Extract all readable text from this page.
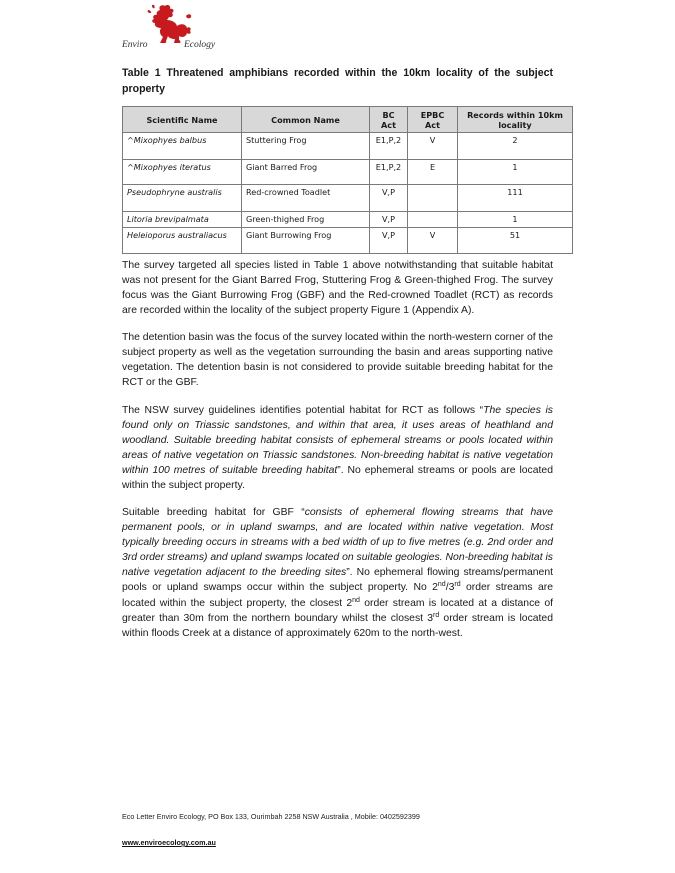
Enviro	Ecology
Table 1 Threatened amphibians recorded within the 10km locality of the subject property
Scientific Name	Common Name	BC Act	EPBC Act	Records within 10km locality
^Mixophyes balbus	Stuttering Frog	E1,P,2	V	2
^Mixophyes iteratus	Giant Barred Frog	E1,P,2	E	1
Pseudophryne australis	Red-crowned Toadlet	V,P		111
Litoria brevipalmata	Green-thighed Frog	V,P		1
Heleioporus australiacus	Giant Burrowing Frog	V,P	V	51

The survey targeted all species listed in Table 1 above notwithstanding that suitable habitat was not present for the Giant Barred Frog, Stuttering Frog & Green-thighed Frog. The survey focus was the Giant Burrowing Frog (GBF) and the Red-crowned Toadlet (RCT) as records are recorded within the locality of the subject property Figure 1 (Appendix A).

The detention basin was the focus of the survey located within the north-western corner of the subject property as well as the vegetation surrounding the basin and areas supporting native vegetation. The detention basin is not considered to provide suitable breeding habitat for the RCT or the GBF.

The NSW survey guidelines identifies potential habitat for RCT as follows “The species is found only on Triassic sandstones, and within that area, it uses areas of heathland and woodland. Suitable breeding habitat consists of ephemeral streams or pools located within areas of native vegetation on Triassic sandstones. Non-breeding habitat is native vegetation within 100 metres of suitable breeding habitat”. No ephemeral streams or pools are located within the subject property.

Suitable breeding habitat for GBF “consists of ephemeral flowing streams that have permanent pools, or in upland swamps, and are located within native vegetation. Most typically breeding occurs in streams with a bed width of up to five metres (e.g. 2nd order and 3rd order streams) and upland swamps located on suitable geologies. Non-breeding habitat is native vegetation adjacent to the breeding sites”. No ephemeral flowing streams/permanent pools or upland swamps occur within the subject property. No 2nd/3rd order streams are located within the subject property, the closest 2nd order stream is located at a distance of greater than 30m from the northern boundary whilst the closest 3rd order stream is located within floods Creek at a distance of approximately 620m to the north-west.

Eco Letter Enviro Ecology, PO Box 133, Ourimbah 2258 NSW Australia , Mobile: 0402592399
www.enviroecology.com.au
